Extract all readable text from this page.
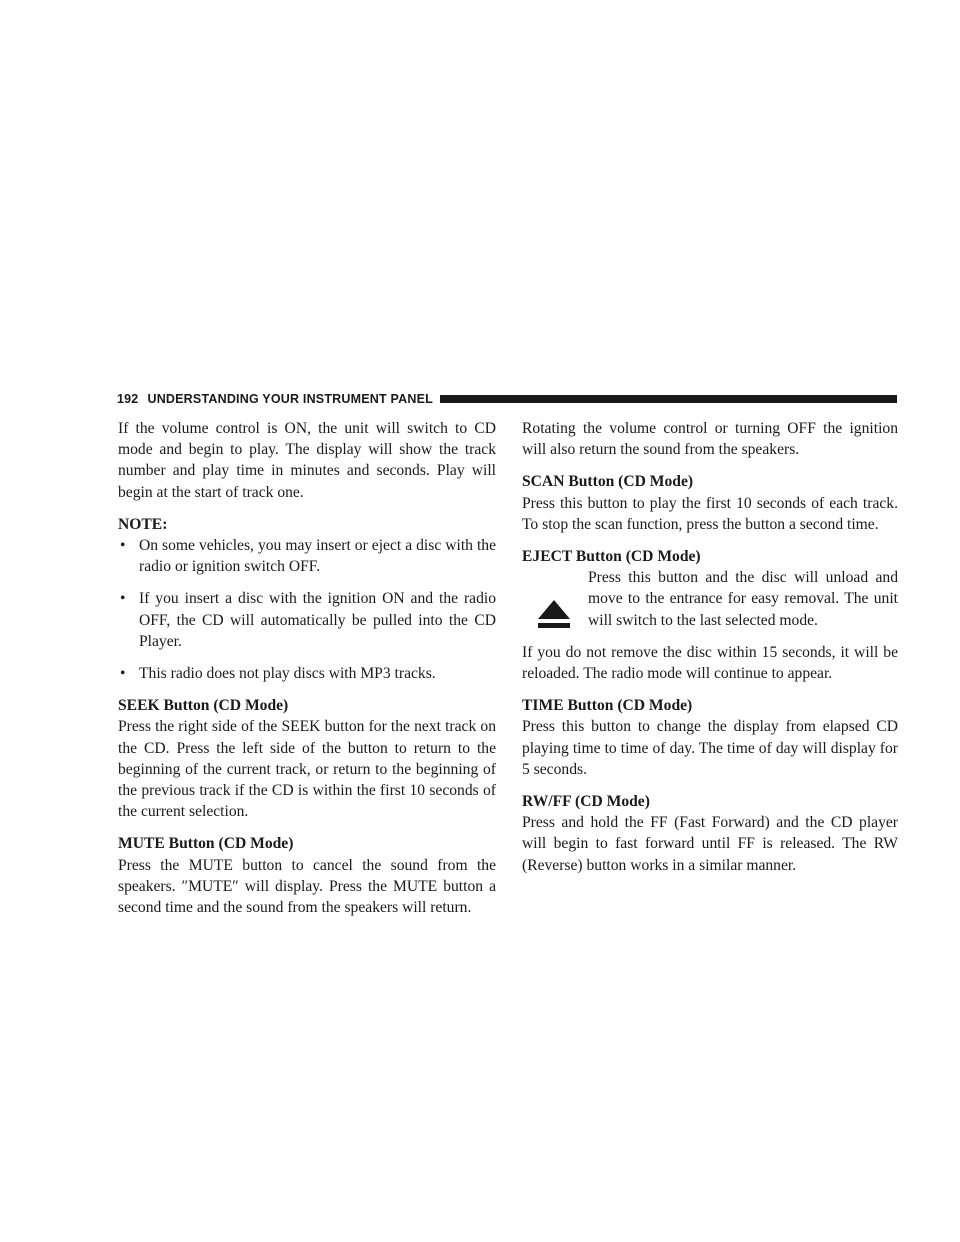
192 UNDERSTANDING YOUR INSTRUMENT PANEL

If the volume control is ON, the unit will switch to CD mode and begin to play. The display will show the track number and play time in minutes and seconds. Play will begin at the start of track one.

NOTE:
• On some vehicles, you may insert or eject a disc with the radio or ignition switch OFF.
• If you insert a disc with the ignition ON and the radio OFF, the CD will automatically be pulled into the CD Player.
• This radio does not play discs with MP3 tracks.
SEEK Button (CD Mode)

Press the right side of the SEEK button for the next track on the CD. Press the left side of the button to return to the beginning of the current track, or return to the beginning of the previous track if the CD is within the first 10 seconds of the current selection.

MUTE Button (CD Mode)

Press the MUTE button to cancel the sound from the speakers. ″MUTE″ will display. Press the MUTE button a second time and the sound from the speakers will return.

Rotating the volume control or turning OFF the ignition will also return the sound from the speakers.

SCAN Button (CD Mode)

Press this button to play the first 10 seconds of each track. To stop the scan function, press the button a second time.

EJECT Button (CD Mode)

Press this button and the disc will unload and move to the entrance for easy removal. The unit will switch to the last selected mode.

If you do not remove the disc within 15 seconds, it will be reloaded. The radio mode will continue to appear.

TIME Button (CD Mode)

Press this button to change the display from elapsed CD playing time to time of day. The time of day will display for 5 seconds.

RW/FF (CD Mode)

Press and hold the FF (Fast Forward) and the CD player will begin to fast forward until FF is released. The RW (Reverse) button works in a similar manner.
